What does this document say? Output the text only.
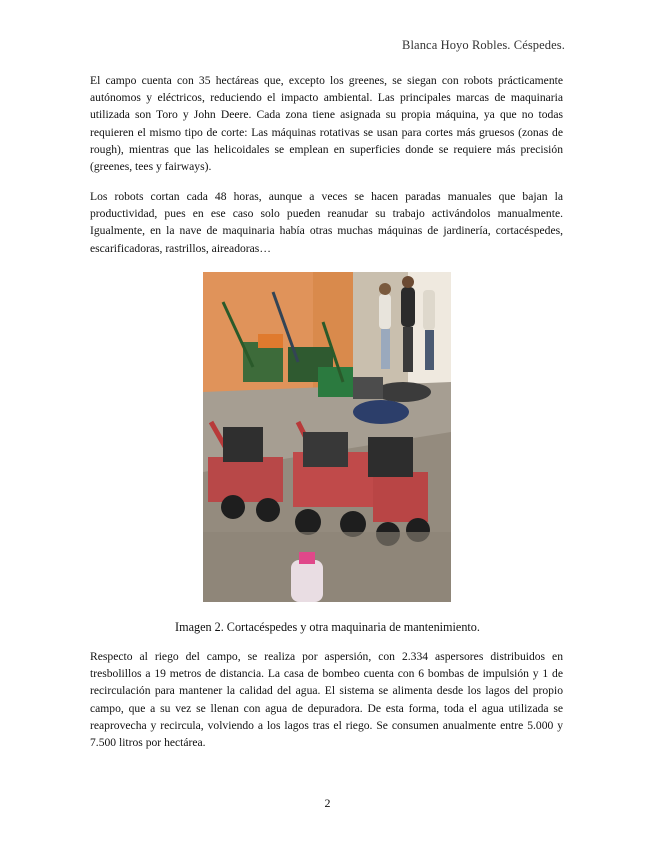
Blanca Hoyo Robles. Céspedes.

El campo cuenta con 35 hectáreas que, excepto los greenes, se siegan con robots prácticamente autónomos y eléctricos, reduciendo el impacto ambiental. Las principales marcas de maquinaria utilizada son Toro y John Deere. Cada zona tiene asignada su propia máquina, ya que no todas requieren el mismo tipo de corte: Las máquinas rotativas se usan para cortes más gruesos (zonas de rough), mientras que las helicoidales se emplean en superficies donde se requiere más precisión (greenes, tees y fairways).

Los robots cortan cada 48 horas, aunque a veces se hacen paradas manuales que bajan la productividad, pues en ese caso solo pueden reanudar su trabajo activándolos manualmente. Igualmente, en la nave de maquinaria había otras muchas máquinas de jardinería, cortacéspedes, escarificadoras, rastrillos, aireadoras…

Imagen 2. Cortacéspedes y otra maquinaria de mantenimiento.

Respecto al riego del campo, se realiza por aspersión, con 2.334 aspersores distribuidos en tresbolillos a 19 metros de distancia. La casa de bombeo cuenta con 6 bombas de impulsión y 1 de recirculación para mantener la calidad del agua. El sistema se alimenta desde los lagos del propio campo, que a su vez se llenan con agua de depuradora. De esta forma, toda el agua utilizada se reaprovecha y recircula, volviendo a los lagos tras el riego. Se consumen anualmente entre 5.000 y 7.500 litros por hectárea.

2
